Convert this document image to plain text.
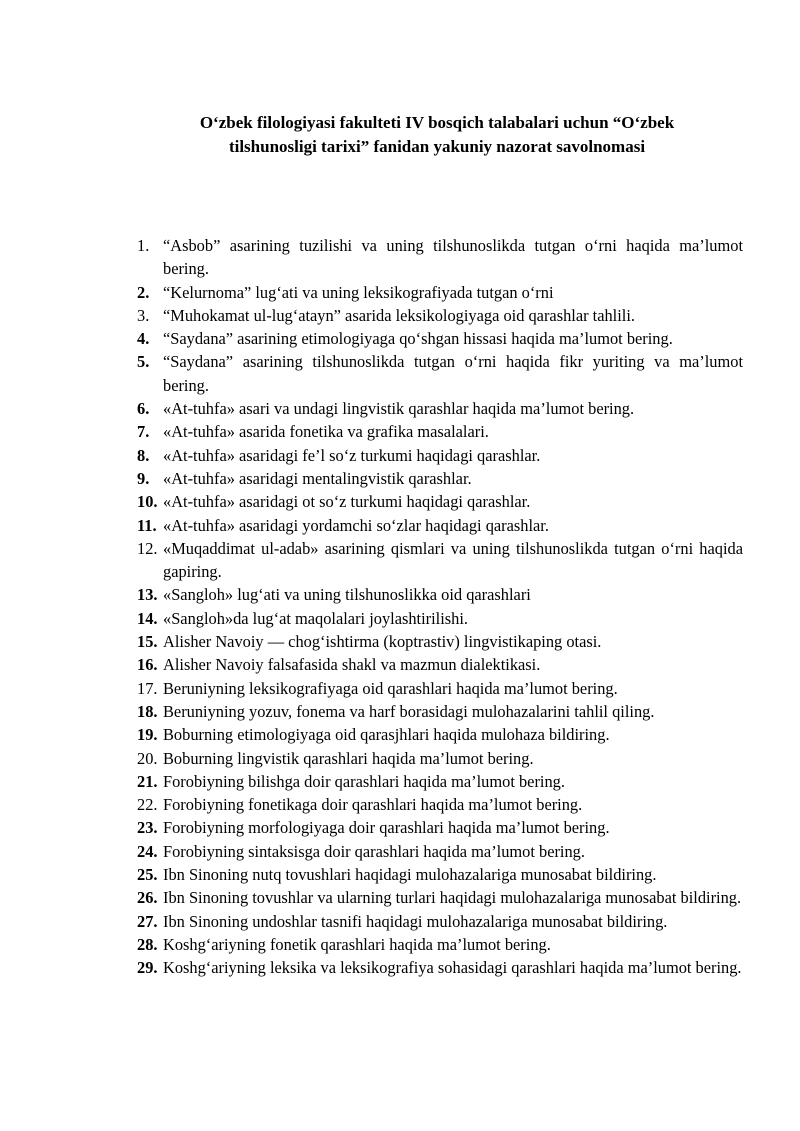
O‘zbek filologiyasi fakulteti IV bosqich talabalari uchun “O‘zbek
tilshunosligi tarixi” fanidan yakuniy nazorat savolnomasi
1. “Asbob” asarining tuzilishi va uning tilshunoslikda tutgan o‘rni haqida ma’lumot bering.
2. “Kelurnoma” lug‘ati va uning leksikografiyada tutgan o‘rni
3. “Muhokamat ul-lug‘atayn” asarida leksikologiyaga oid qarashlar tahlili.
4. “Saydana” asarining etimologiyaga qo‘shgan hissasi haqida ma’lumot bering.
5. “Saydana” asarining tilshunoslikda tutgan o‘rni haqida fikr yuriting va ma’lumot bering.
6. «At-tuhfa» asari va undagi lingvistik qarashlar haqida ma’lumot bering.
7. «At-tuhfa» asarida fonetika va grafika masalalari.
8. «At-tuhfa» asaridagi fe’l so‘z turkumi haqidagi qarashlar.
9. «At-tuhfa» asaridagi mentalingvistik qarashlar.
10. «At-tuhfa» asaridagi ot so‘z turkumi haqidagi qarashlar.
11. «At-tuhfa» asaridagi yordamchi so‘zlar haqidagi qarashlar.
12. «Muqaddimat ul-adab» asarining qismlari va uning tilshunoslikda tutgan o‘rni haqida gapiring.
13. «Sangloh» lug‘ati va uning tilshunoslikka oid qarashlari
14. «Sangloh»da lug‘at maqolalari joylashtirilishi.
15. Alisher Navoiy — chog‘ishtirma (koptrastiv) lingvistikaping otasi.
16. Alisher Navoiy falsafasida shakl va mazmun dialektikasi.
17. Beruniyning leksikografiyaga oid qarashlari haqida ma’lumot bering.
18. Beruniyning yozuv, fonema va harf borasidagi mulohazalarini tahlil qiling.
19. Boburning etimologiyaga oid qarasjhlari haqida mulohaza bildiring.
20. Boburning lingvistik qarashlari haqida ma’lumot bering.
21. Forobiyning bilishga doir qarashlari haqida ma’lumot bering.
22. Forobiyning fonetikaga doir qarashlari haqida ma’lumot bering.
23. Forobiyning morfologiyaga doir qarashlari haqida ma’lumot bering.
24. Forobiyning sintaksisga doir qarashlari haqida ma’lumot bering.
25. Ibn Sinoning nutq tovushlari haqidagi mulohazalariga munosabat bildiring.
26. Ibn Sinoning tovushlar va ularning turlari haqidagi mulohazalariga munosabat bildiring.
27. Ibn Sinoning undoshlar tasnifi haqidagi mulohazalariga munosabat bildiring.
28. Koshg‘ariyning fonetik qarashlari haqida ma’lumot bering.
29. Koshg‘ariyning leksika va leksikografiya sohasidagi qarashlari haqida ma’lumot bering.
